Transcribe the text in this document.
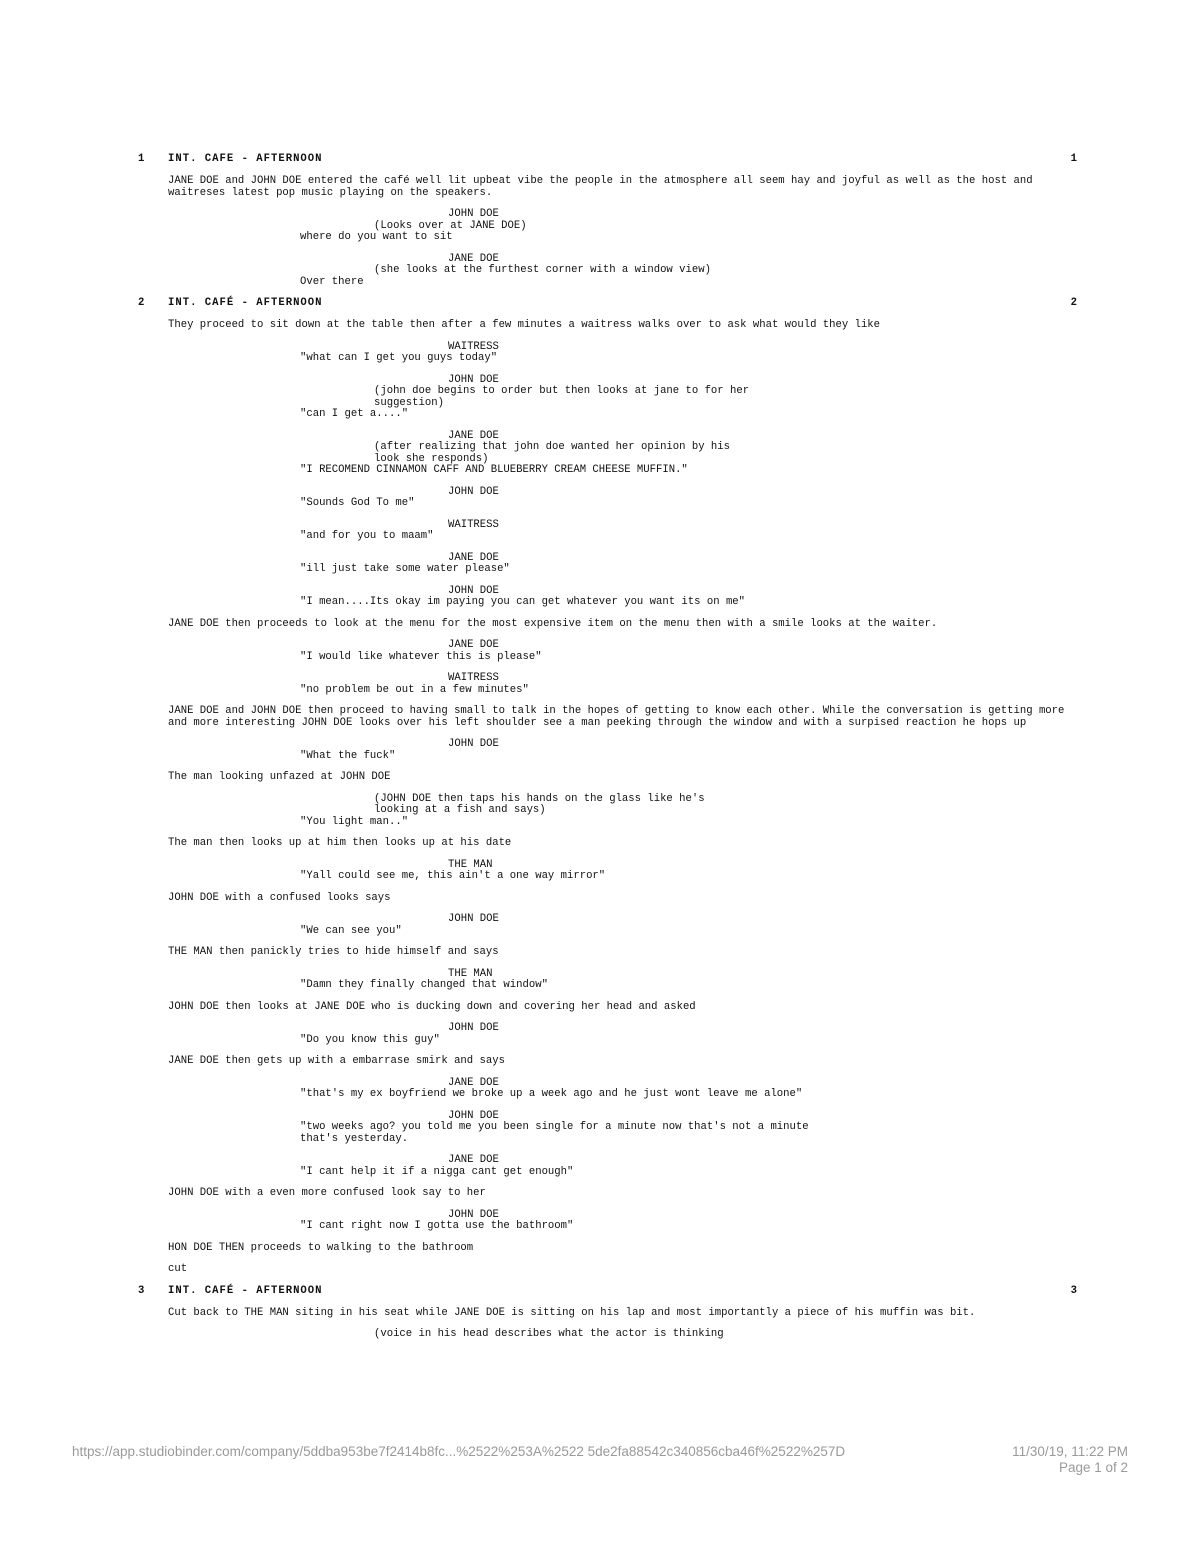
1 INT. CAFE - AFTERNOON	1
JANE DOE and JOHN DOE entered the café well lit upbeat vibe the people in the atmosphere all seem hay and joyful as well as the host and waitreses latest pop music playing on the speakers.
JOHN DOE
(Looks over at JANE DOE)
where do you want to sit
JANE DOE
(she looks at the furthest corner with a window view)
Over there
2 INT. CAFÉ - AFTERNOON	2
They proceed to sit down at the table then after a few minutes a waitress walks over to ask what would they like
WAITRESS
"what can I get you guys today"
JOHN DOE
(john doe begins to order but then looks at jane to for her suggestion)
"can I get a...."
JANE DOE
(after realizing that john doe wanted her opinion by his look she responds)
"I RECOMEND CINNAMON CAFF AND BLUEBERRY CREAM CHEESE MUFFIN."
JOHN DOE
"Sounds God To me"
WAITRESS
"and for you to maam"
JANE DOE
"ill just take some water please"
JOHN DOE
"I mean....Its okay im paying you can get whatever you want its on me"
JANE DOE then proceeds to look at the menu for the most expensive item on the menu then with a smile looks at the waiter.
JANE DOE
"I would like whatever this is please"
WAITRESS
"no problem be out in a few minutes"
JANE DOE and JOHN DOE then proceed to having small to talk in the hopes of getting to know each other. While the conversation is getting more and more interesting JOHN DOE looks over his left shoulder see a man peeking through the window and with a surpised reaction he hops up
JOHN DOE
"What the fuck"
The man looking unfazed at JOHN DOE
(JOHN DOE then taps his hands on the glass like he's looking at a fish and says)
"You light man.."
The man then looks up at him then looks up at his date
THE MAN
"Yall could see me, this ain't a one way mirror"
JOHN DOE with a confused looks says
JOHN DOE
"We can see you"
THE MAN then panickly tries to hide himself and says
THE MAN
"Damn they finally changed that window"
JOHN DOE then looks at JANE DOE who is ducking down and covering her head and asked
JOHN DOE
"Do you know this guy"
JANE DOE then gets up with a embarrase smirk and says
JANE DOE
"that's my ex boyfriend we broke up a week ago and he just wont leave me alone"
JOHN DOE
"two weeks ago? you told me you been single for a minute now that's not a minute that's yesterday.
JANE DOE
"I cant help it if a nigga cant get enough"
JOHN DOE with a even more confused look say to her
JOHN DOE
"I cant right now I gotta use the bathroom"
HON DOE THEN proceeds to walking to the bathroom
cut
3 INT. CAFÉ - AFTERNOON	3
Cut back to THE MAN siting in his seat while JANE DOE is sitting on his lap and most importantly a piece of his muffin was bit.
(voice in his head describes what the actor is thinking
https://app.studiobinder.com/company/5ddba953be7f2414b8fc...%2522%253A%2522 5de2fa88542c340856cba46f%2522%257D	11/30/19, 11:22 PM
Page 1 of 2
